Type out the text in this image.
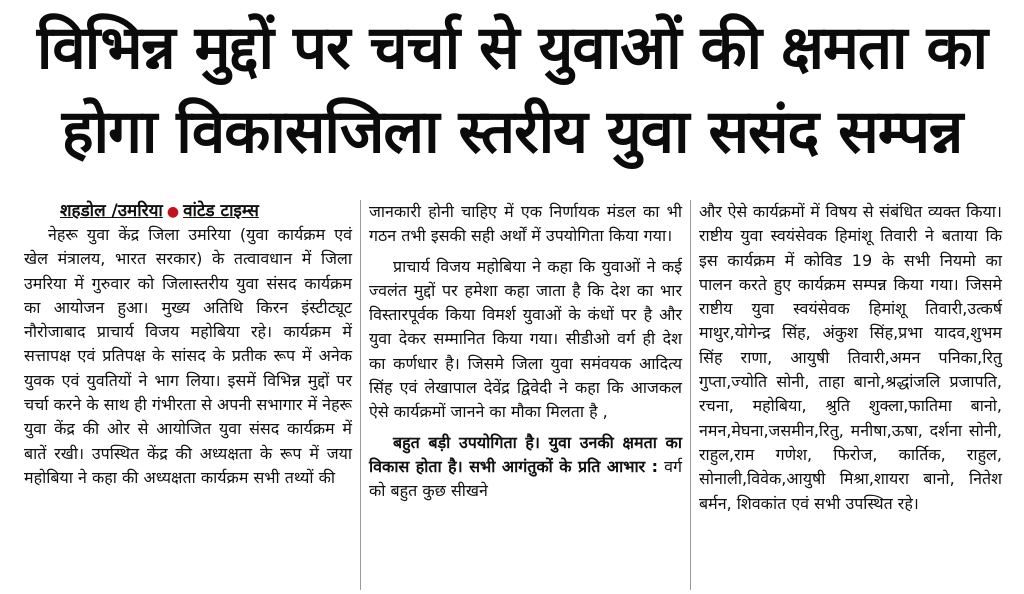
विभिन्न मुद्दों पर चर्चा से युवाओं की क्षमता का
होगा विकासजिला स्तरीय युवा ससंद सम्पन्न
शहडोल /उमरिया ● वांटेड टाइम्स

नेहरू युवा केंद्र जिला उमरिया (युवा कार्यक्रम एवं खेल मंत्रालय, भारत सरकार) के तत्वावधान में जिला उमरिया में गुरुवार को जिलास्तरीय युवा संसद कार्यक्रम का आयोजन हुआ। मुख्य अतिथि किरन इंस्टीट्यूट नौरोजाबाद प्राचार्य विजय महोबिया रहे। कार्यक्रम में सत्तापक्ष एवं प्रतिपक्ष के सांसद के प्रतीक रूप में अनेक युवक एवं युवतियों ने भाग लिया। इसमें विभिन्न मुद्दों पर चर्चा करने के साथ ही गंभीरता से अपनी सभागार में नेहरू युवा केंद्र की ओर से आयोजित युवा संसद कार्यक्रम में बातें रखी। उपस्थित केंद्र की अध्यक्षता के रूप में जया महोबिया ने कहा की अध्यक्षता कार्यक्रम सभी तथ्यों की

जानकारी होनी चाहिए में एक निर्णायक मंडल का भी गठन तभी इसकी सही अर्थों में उपयोगिता किया गया।

प्राचार्य विजय महोबिया ने कहा कि युवाओं ने कई ज्वलंत मुद्दों पर हमेशा कहा जाता है कि देश का भार विस्तारपूर्वक किया विमर्श युवाओं के कंधों पर है और युवा देकर सम्मानित किया गया। सीडीओ वर्ग ही देश का कर्णधार है। जिसमे जिला युवा समंवयक आदित्य सिंह एवं लेखापाल देवेंद्र द्विवेदी ने कहा कि आजकल ऐसे कार्यक्रमों जानने का मौका मिलता है ,

बहुत बड़ी उपयोगिता है। युवा उनकी क्षमता का विकास होता है। सभी आगंतुकों के प्रति आभार : वर्ग को बहुत कुछ सीखने

और ऐसे कार्यक्रमों में विषय से संबंधित व्यक्त किया। राष्टीय युवा स्वयंसेवक हिमांशू तिवारी ने बताया कि इस कार्यक्रम में कोविड 19 के सभी नियमो का पालन करते हुए कार्यक्रम सम्पन्न किया गया। जिसमे राष्टीय युवा स्वयंसेवक हिमांशू तिवारी,उत्कर्ष माथुर,योगेन्द्र सिंह, अंकुश सिंह,प्रभा यादव,शुभम सिंह राणा, आयुषी तिवारी,अमन पनिका,रितु गुप्ता,ज्योति सोनी, ताहा बानो,श्रद्धांजलि प्रजापति, रचना, महोबिया, श्रुति शुक्ला,फातिमा बानो, नमन,मेघना,जसमीन,रितु, मनीषा,ऊषा, दर्शना सोनी, राहुल,राम गणेश, फिरोज, कार्तिक, राहुल, सोनाली,विवेक,आयुषी मिश्रा,शायरा बानो, नितेश बर्मन, शिवकांत एवं सभी उपस्थित रहे।
